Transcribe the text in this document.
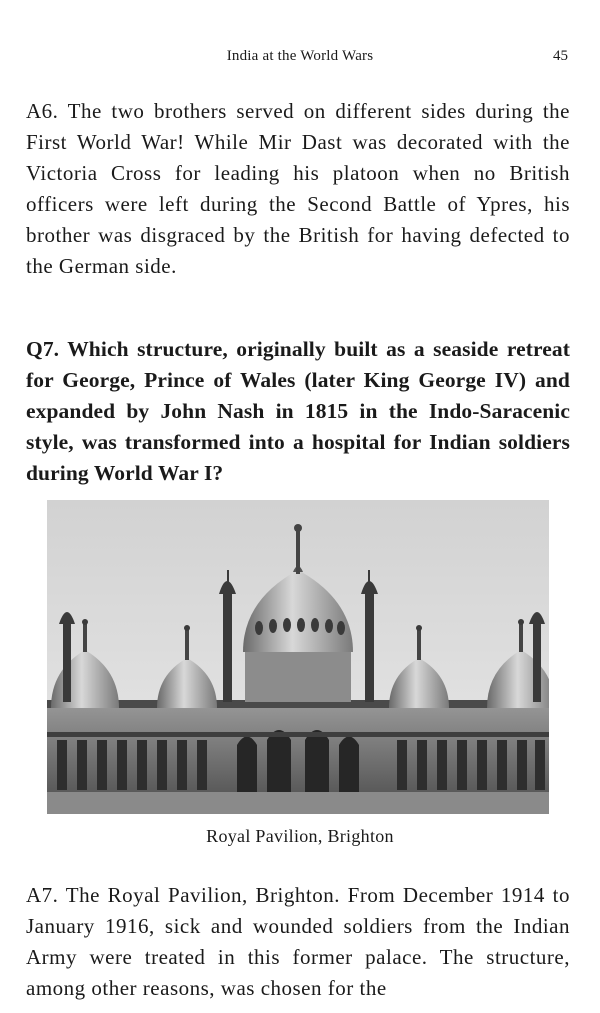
India at the World Wars	45

A6. The two brothers served on different sides during the First World War! While Mir Dast was decorated with the Victoria Cross for leading his platoon when no British officers were left during the Second Battle of Ypres, his brother was disgraced by the British for having defected to the German side.

Q7. Which structure, originally built as a seaside retreat for George, Prince of Wales (later King George IV) and expanded by John Nash in 1815 in the Indo-Saracenic style, was transformed into a hospital for Indian soldiers during World War I?

Royal Pavilion, Brighton

A7. The Royal Pavilion, Brighton. From December 1914 to January 1916, sick and wounded soldiers from the Indian Army were treated in this former palace. The structure, among other reasons, was chosen for the
